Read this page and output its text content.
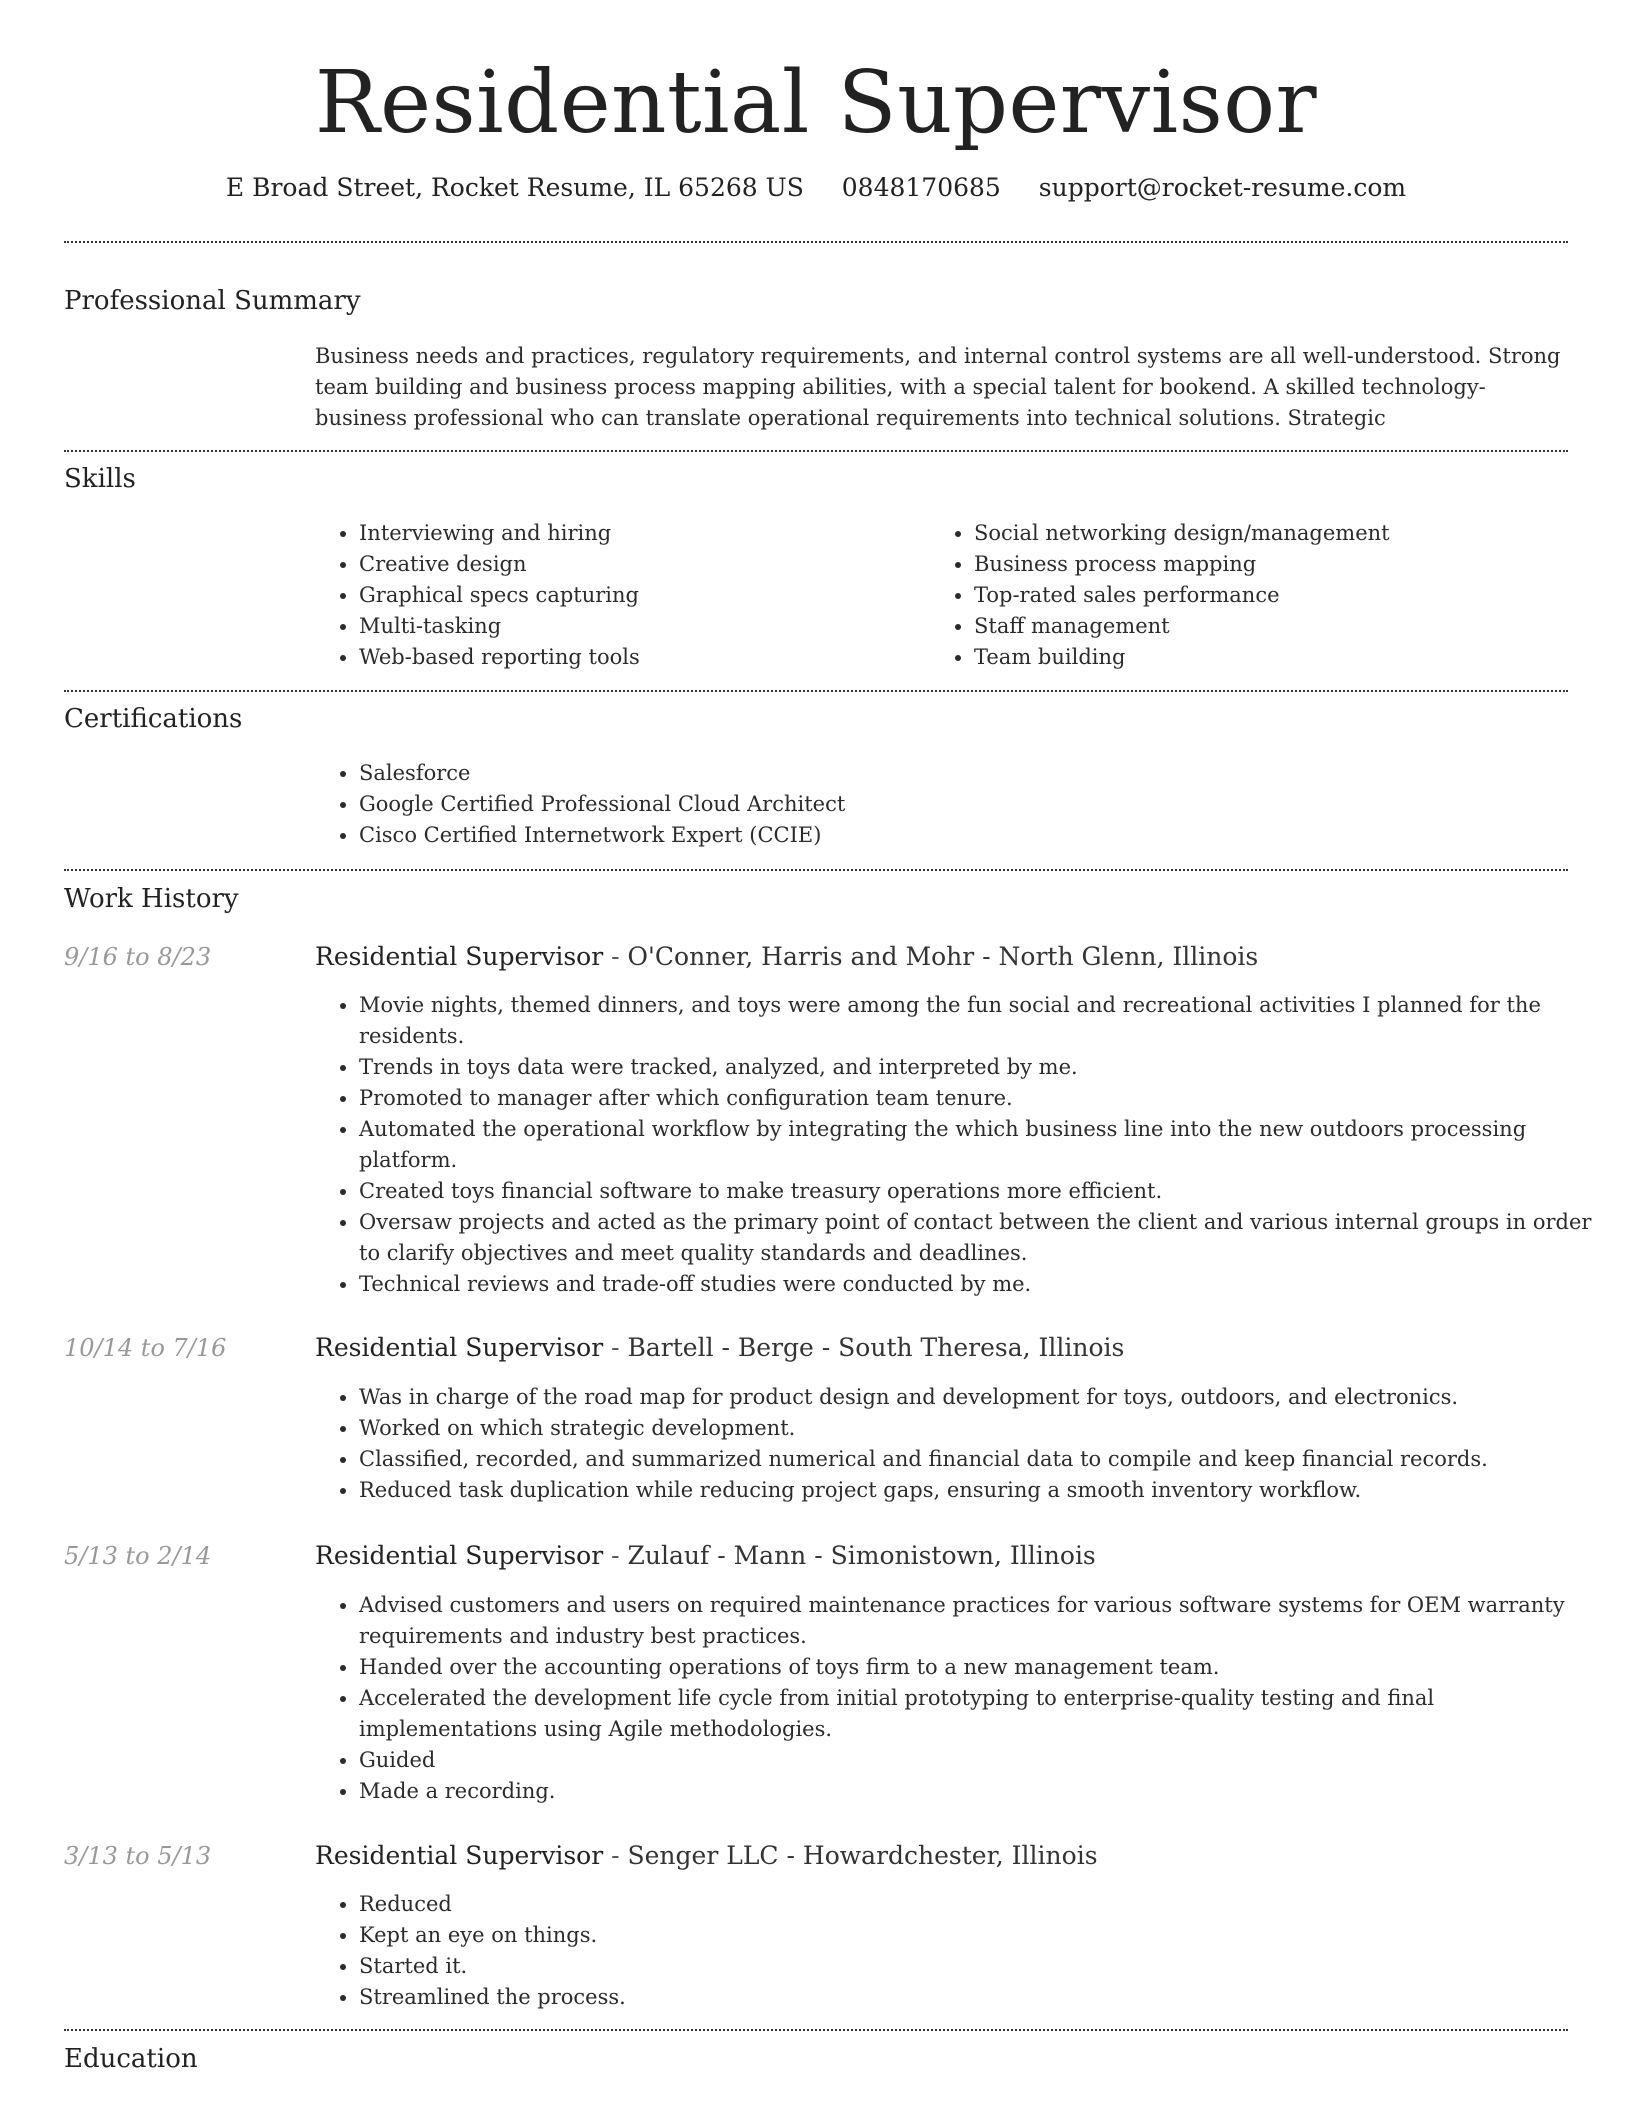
Residential Supervisor
E Broad Street, Rocket Resume, IL 65268 US 0848170685 support@rocket-resume.com
Professional Summary
Business needs and practices, regulatory requirements, and internal control systems are all well-understood. Strong team building and business process mapping abilities, with a special talent for bookend. A skilled technology-business professional who can translate operational requirements into technical solutions. Strategic
Skills
• Interviewing and hiring
• Creative design
• Graphical specs capturing
• Multi-tasking
• Web-based reporting tools
• Social networking design/management
• Business process mapping
• Top-rated sales performance
• Staff management
• Team building
Certifications
• Salesforce
• Google Certified Professional Cloud Architect
• Cisco Certified Internetwork Expert (CCIE)
Work History
9/16 to 8/23	Residential Supervisor - O'Conner, Harris and Mohr - North Glenn, Illinois
• Movie nights, themed dinners, and toys were among the fun social and recreational activities I planned for the residents.
• Trends in toys data were tracked, analyzed, and interpreted by me.
• Promoted to manager after which configuration team tenure.
• Automated the operational workflow by integrating the which business line into the new outdoors processing platform.
• Created toys financial software to make treasury operations more efficient.
• Oversaw projects and acted as the primary point of contact between the client and various internal groups in order to clarify objectives and meet quality standards and deadlines.
• Technical reviews and trade-off studies were conducted by me.
10/14 to 7/16	Residential Supervisor - Bartell - Berge - South Theresa, Illinois
• Was in charge of the road map for product design and development for toys, outdoors, and electronics.
• Worked on which strategic development.
• Classified, recorded, and summarized numerical and financial data to compile and keep financial records.
• Reduced task duplication while reducing project gaps, ensuring a smooth inventory workflow.
5/13 to 2/14	Residential Supervisor - Zulauf - Mann - Simonistown, Illinois
• Advised customers and users on required maintenance practices for various software systems for OEM warranty requirements and industry best practices.
• Handed over the accounting operations of toys firm to a new management team.
• Accelerated the development life cycle from initial prototyping to enterprise-quality testing and final implementations using Agile methodologies.
• Guided
• Made a recording.
3/13 to 5/13	Residential Supervisor - Senger LLC - Howardchester, Illinois
• Reduced
• Kept an eye on things.
• Started it.
• Streamlined the process.
Education
